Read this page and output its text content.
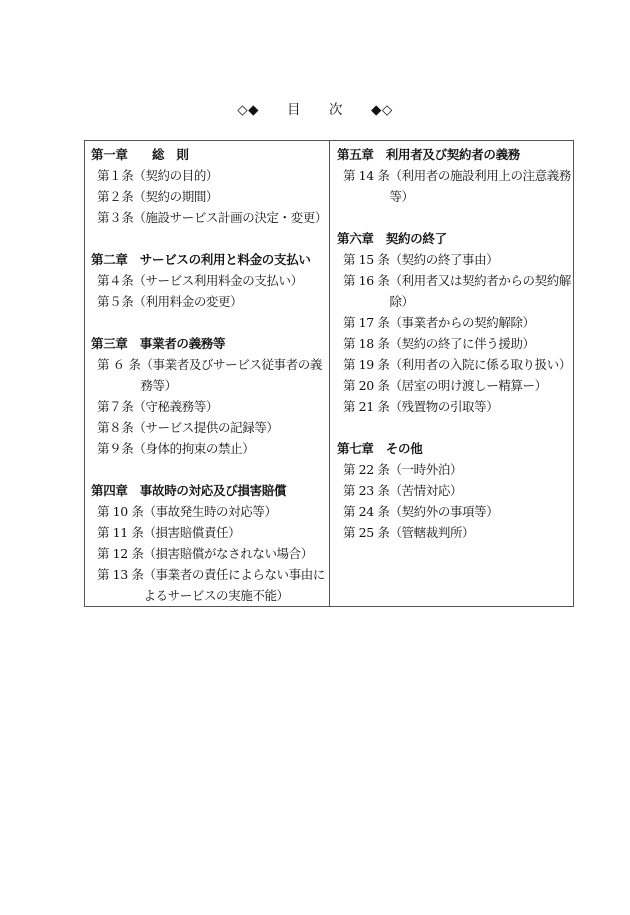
◇◆　　目　　次　　◆◇
第一章　　総　則
第１条 （契約の目的）
第２条 （契約の期間）
第３条 （施設サービス計画の決定・変更）
第二章　サービスの利用と料金の支払い
第４条 （サービス利用料金の支払い）
第５条 （利用料金の変更）
第三章　事業者の義務等
第 ６ 条 （事業者及びサービス従事者の義務等）
第７条 （守秘義務等）
第８条 （サービス提供の記録等）
第９条 （身体的拘束の禁止）
第四章　事故時の対応及び損害賠償
第 10 条 （事故発生時の対応等）
第 11 条 （損害賠償責任）
第 12 条 （損害賠償がなされない場合）
第 13 条 （事業者の責任によらない事由によるサービスの実施不能）
第五章　利用者及び契約者の義務
第 14 条 （利用者の施設利用上の注意義務等）
第六章　契約の終了
第 15 条 （契約の終了事由）
第 16 条 （利用者又は契約者からの契約解除）
第 17 条 （事業者からの契約解除）
第 18 条 （契約の終了に伴う援助）
第 19 条 （利用者の入院に係る取り扱い）
第 20 条 （居室の明け渡しー精算ー）
第 21 条 （残置物の引取等）
第七章　その他
第 22 条 （一時外泊）
第 23 条 （苦情対応）
第 24 条 （契約外の事項等）
第 25 条 （管轄裁判所）
